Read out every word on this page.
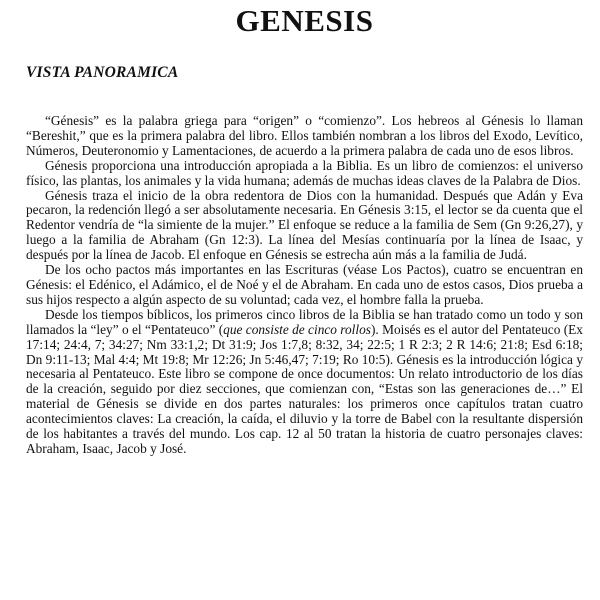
GENESIS
VISTA PANORAMICA

“Génesis” es la palabra griega para “origen” o “comienzo”. Los hebreos al Génesis lo llaman “Bereshit,” que es la primera palabra del libro. Ellos también nombran a los libros del Exodo, Levítico, Números, Deuteronomio y Lamentaciones, de acuerdo a la primera palabra de cada uno de esos libros.

Génesis proporciona una introducción apropiada a la Biblia. Es un libro de comienzos: el universo físico, las plantas, los animales y la vida humana; además de muchas ideas claves de la Palabra de Dios.

Génesis traza el inicio de la obra redentora de Dios con la humanidad. Después que Adán y Eva pecaron, la redención llegó a ser absolutamente necesaria. En Génesis 3:15, el lector se da cuenta que el Redentor vendría de “la simiente de la mujer.” El enfoque se reduce a la familia de Sem (Gn 9:26,27), y luego a la familia de Abraham (Gn 12:3). La línea del Mesías continuaría por la línea de Isaac, y después por la línea de Jacob. El enfoque en Génesis se estrecha aún más a la familia de Judá.

De los ocho pactos más importantes en las Escrituras (véase Los Pactos), cuatro se encuentran en Génesis: el Edénico, el Adámico, el de Noé y el de Abraham. En cada uno de estos casos, Dios prueba a sus hijos respecto a algún aspecto de su voluntad; cada vez, el hombre falla la prueba.

Desde los tiempos bíblicos, los primeros cinco libros de la Biblia se han tratado como un todo y son llamados la “ley” o el “Pentateuco” (que consiste de cinco rollos). Moisés es el autor del Pentateuco (Ex 17:14; 24:4, 7; 34:27; Nm 33:1,2; Dt 31:9; Jos 1:7,8; 8:32, 34; 22:5; 1 R 2:3; 2 R 14:6; 21:8; Esd 6:18; Dn 9:11-13; Mal 4:4; Mt 19:8; Mr 12:26; Jn 5:46,47; 7:19; Ro 10:5). Génesis es la introducción lógica y necesaria al Pentateuco. Este libro se compone de once documentos: Un relato introductorio de los días de la creación, seguido por diez secciones, que comienzan con, “Estas son las generaciones de…” El material de Génesis se divide en dos partes naturales: los primeros once capítulos tratan cuatro acontecimientos claves: La creación, la caída, el diluvio y la torre de Babel con la resultante dispersión de los habitantes a través del mundo. Los cap. 12 al 50 tratan la historia de cuatro personajes claves: Abraham, Isaac, Jacob y José.
